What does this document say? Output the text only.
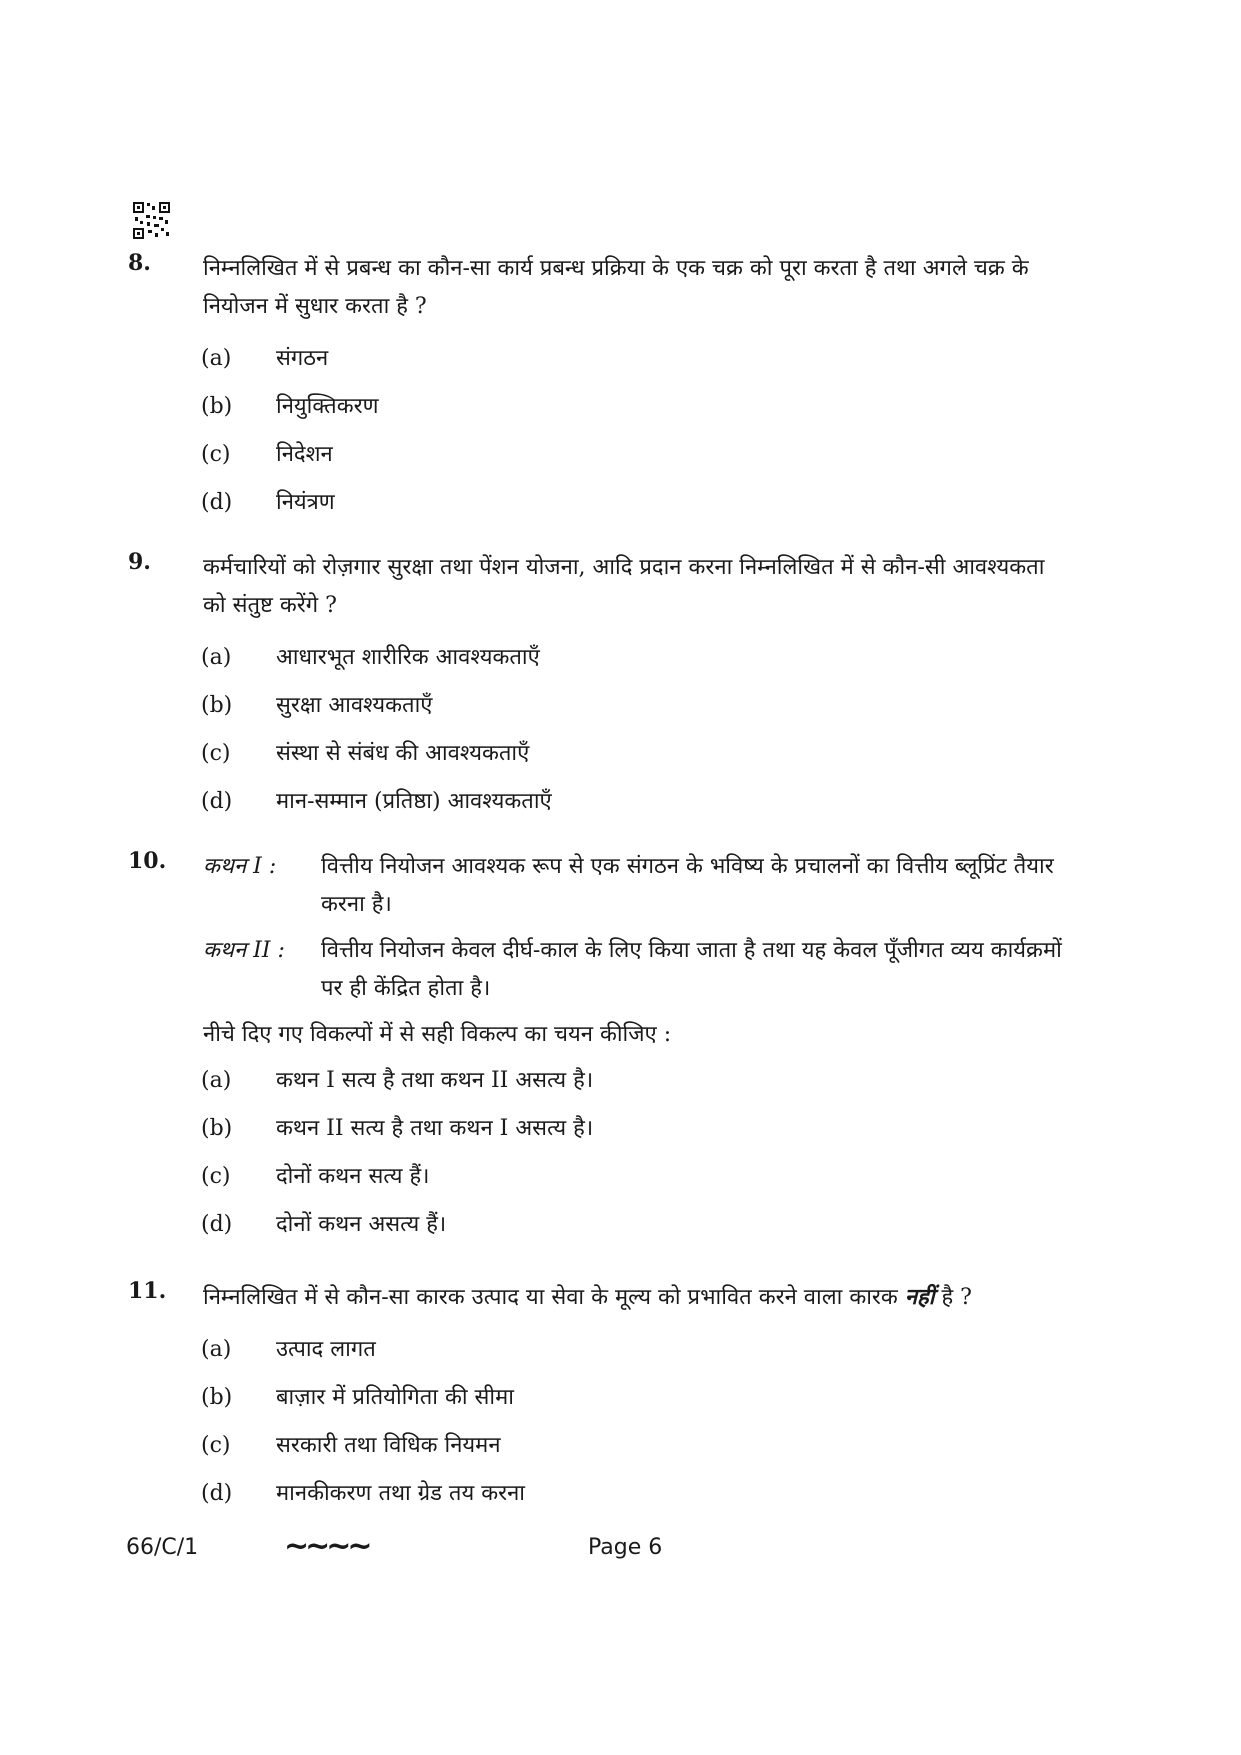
8. निम्नलिखित में से प्रबन्ध का कौन-सा कार्य प्रबन्ध प्रक्रिया के एक चक्र को पूरा करता है तथा अगले चक्र के नियोजन में सुधार करता है ?
(a) संगठन
(b) नियुक्तिकरण
(c) निदेशन
(d) नियंत्रण
9. कर्मचारियों को रोज़गार सुरक्षा तथा पेंशन योजना, आदि प्रदान करना निम्नलिखित में से कौन-सी आवश्यकता को संतुष्ट करेंगे ?
(a) आधारभूत शारीरिक आवश्यकताएँ
(b) सुरक्षा आवश्यकताएँ
(c) संस्था से संबंध की आवश्यकताएँ
(d) मान-सम्मान (प्रतिष्ठा) आवश्यकताएँ
10. कथन I : वित्तीय नियोजन आवश्यक रूप से एक संगठन के भविष्य के प्रचालनों का वित्तीय ब्लूप्रिंट तैयार करना है।
कथन II : वित्तीय नियोजन केवल दीर्घ-काल के लिए किया जाता है तथा यह केवल पूँजीगत व्यय कार्यक्रमों पर ही केंद्रित होता है।
नीचे दिए गए विकल्पों में से सही विकल्प का चयन कीजिए :
(a) कथन I सत्य है तथा कथन II असत्य है।
(b) कथन II सत्य है तथा कथन I असत्य है।
(c) दोनों कथन सत्य हैं।
(d) दोनों कथन असत्य हैं।
11. निम्नलिखित में से कौन-सा कारक उत्पाद या सेवा के मूल्य को प्रभावित करने वाला कारक नहीं है ?
(a) उत्पाद लागत
(b) बाज़ार में प्रतियोगिता की सीमा
(c) सरकारी तथा विधिक नियमन
(d) मानकीकरण तथा ग्रेड तय करना
66/C/1	~~~~	Page 6
